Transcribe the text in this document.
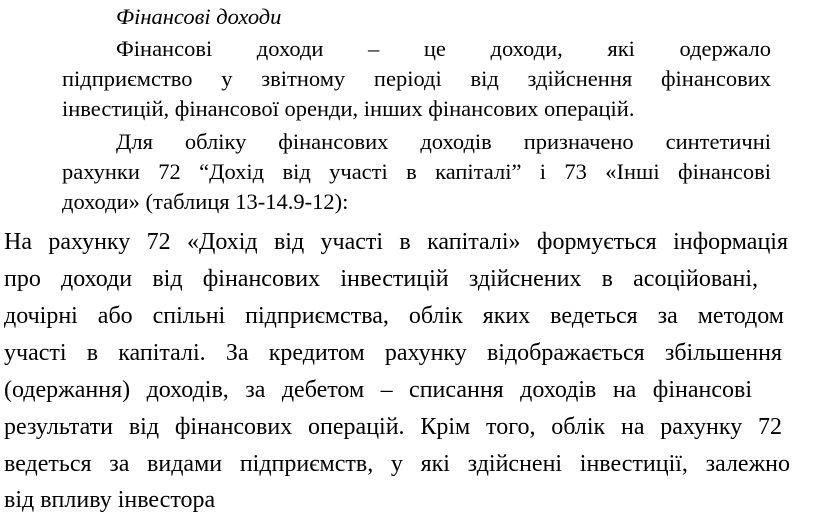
Фінансові доходи

Фінансові доходи – це доходи, які одержало

підприємство у звітному періоді від здійснення фінансових

інвестицій, фінансової оренди, інших фінансових операцій.

Для обліку фінансових доходів призначено синтетичні

рахунки 72 “Дохід від участі в капіталі” і 73 «Інші фінансові

доходи» (таблиця 13-14.9-12):

На рахунку 72 «Дохід від участі в капіталі» формується інформація

про доходи від фінансових інвестицій здійснених в асоційовані,

дочірні або спільні підприємства, облік яких ведеться за методом

участі в капіталі. За кредитом рахунку відображається збільшення

(одержання) доходів, за дебетом – списання доходів на фінансові

результати від фінансових операцій. Крім того, облік на рахунку 72

ведеться за видами підприємств, у які здійснені інвестиції, залежно

від впливу інвестора
